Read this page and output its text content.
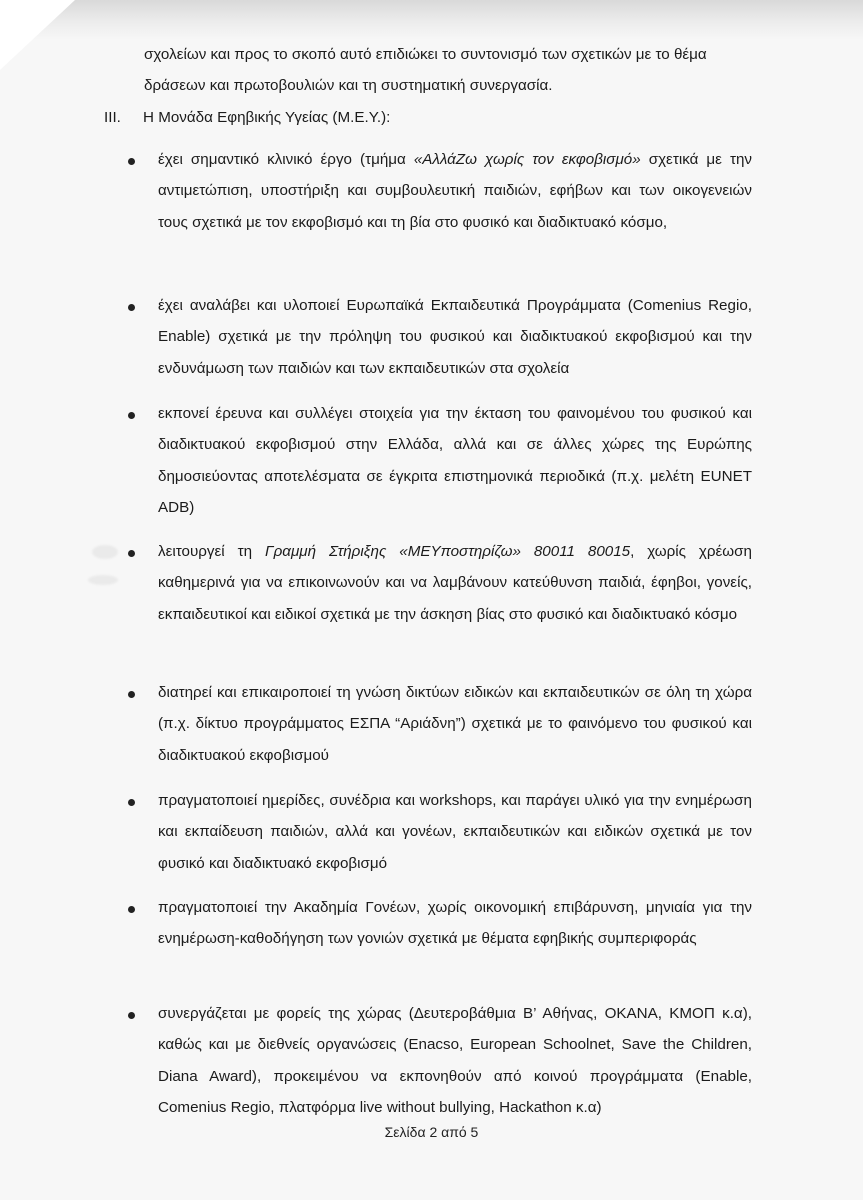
σχολείων και προς το σκοπό αυτό επιδιώκει το συντονισμό των σχετικών με το θέμα

δράσεων και πρωτοβουλιών και τη συστηματική συνεργασία.

III. Η Μονάδα Εφηβικής Υγείας (Μ.Ε.Υ.):

έχει σημαντικό κλινικό έργο (τμήμα «ΑλλάΖω χωρίς τον εκφοβισμό» σχετικά με την αντιμετώπιση, υποστήριξη και συμβουλευτική παιδιών, εφήβων και των οικογενειών τους σχετικά με τον εκφοβισμό και τη βία στο φυσικό και διαδικτυακό κόσμο,

έχει αναλάβει και υλοποιεί Ευρωπαϊκά Εκπαιδευτικά Προγράμματα (Comenius Regio, Enable) σχετικά με την πρόληψη του φυσικού και διαδικτυακού εκφοβισμού και την ενδυνάμωση των παιδιών και των εκπαιδευτικών στα σχολεία

εκπονεί έρευνα και συλλέγει στοιχεία για την έκταση του φαινομένου του φυσικού και διαδικτυακού εκφοβισμού στην Ελλάδα, αλλά και σε άλλες χώρες της Ευρώπης δημοσιεύοντας αποτελέσματα σε έγκριτα επιστημονικά περιοδικά (π.χ. μελέτη EUNET ADB)

λειτουργεί τη Γραμμή Στήριξης «ΜΕΥποστηρίζω» 80011 80015, χωρίς χρέωση καθημερινά για να επικοινωνούν και να λαμβάνουν κατεύθυνση παιδιά, έφηβοι, γονείς, εκπαιδευτικοί και ειδικοί σχετικά με την άσκηση βίας στο φυσικό και διαδικτυακό κόσμο

διατηρεί και επικαιροποιεί τη γνώση δικτύων ειδικών και εκπαιδευτικών σε όλη τη χώρα (π.χ. δίκτυο προγράμματος ΕΣΠΑ “Αριάδνη”) σχετικά με το φαινόμενο του φυσικού και διαδικτυακού εκφοβισμού

πραγματοποιεί ημερίδες, συνέδρια και workshops, και παράγει υλικό για την ενημέρωση και εκπαίδευση παιδιών, αλλά και γονέων, εκπαιδευτικών και ειδικών σχετικά με τον φυσικό και διαδικτυακό εκφοβισμό

πραγματοποιεί την Ακαδημία Γονέων, χωρίς οικονομική επιβάρυνση, μηνιαία για την ενημέρωση-καθοδήγηση των γονιών σχετικά με θέματα εφηβικής συμπεριφοράς

συνεργάζεται με φορείς της χώρας (Δευτεροβάθμια Β’ Αθήνας, ΟΚΑΝΑ, ΚΜΟΠ κ.α), καθώς και με διεθνείς οργανώσεις (Enacso, European Schoolnet, Save the Children, Diana Award), προκειμένου να εκπονηθούν από κοινού προγράμματα (Enable, Comenius Regio, πλατφόρμα live without bullying, Hackathon κ.α)

Σελίδα 2 από 5
